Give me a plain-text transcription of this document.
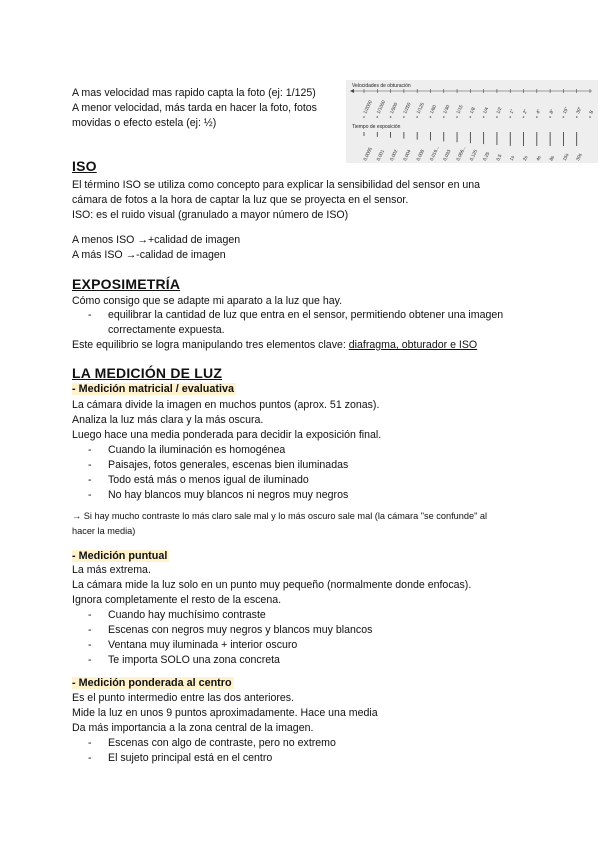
A mas velocidad mas rapido capta la foto (ej: 1/125)
A menor velocidad, más tarda en hacer la foto, fotos
movidas o efecto estela (ej: ½)
Velocidades de obturación
1/2000 1/1000 1/500 1/250 1/125 1/60 1/30 1/15 1/8 1/4 1/2 1" 2" 4" 8" 15" 30" B
Tiempo de exposición
0,0005 0,001 0,002 0,004 0,008 0,016... 0,033 0,066... 0,125 0,25 0,5 1s 2s 4s 8s 15s 30s
ISO
El término ISO se utiliza como concepto para explicar la sensibilidad del sensor en una
cámara de fotos a la hora de captar la luz que se proyecta en el sensor.
ISO: es el ruido visual (granulado a mayor número de ISO)
A menos ISO →+calidad de imagen
A más ISO →-calidad de imagen
EXPOSIMETRÍA
Cómo consigo que se adapte mi aparato a la luz que hay.
- equilibrar la cantidad de luz que entra en el sensor, permitiendo obtener una imagen
correctamente expuesta.
Este equilibrio se logra manipulando tres elementos clave: diafragma, obturador e ISO
LA MEDICIÓN DE LUZ
- Medición matricial / evaluativa
La cámara divide la imagen en muchos puntos (aprox. 51 zonas).
Analiza la luz más clara y la más oscura.
Luego hace una media ponderada para decidir la exposición final.
- Cuando la iluminación es homogénea
- Paisajes, fotos generales, escenas bien iluminadas
- Todo está más o menos igual de iluminado
- No hay blancos muy blancos ni negros muy negros
→ Si hay mucho contraste lo más claro sale mal y lo más oscuro sale mal (la cámara "se confunde" al
hacer la media)
- Medición puntual
La más extrema.
La cámara mide la luz solo en un punto muy pequeño (normalmente donde enfocas).
Ignora completamente el resto de la escena.
- Cuando hay muchísimo contraste
- Escenas con negros muy negros y blancos muy blancos
- Ventana muy iluminada + interior oscuro
- Te importa SOLO una zona concreta
- Medición ponderada al centro
Es el punto intermedio entre las dos anteriores.
Mide la luz en unos 9 puntos aproximadamente. Hace una media
Da más importancia a la zona central de la imagen.
- Escenas con algo de contraste, pero no extremo
- El sujeto principal está en el centro
